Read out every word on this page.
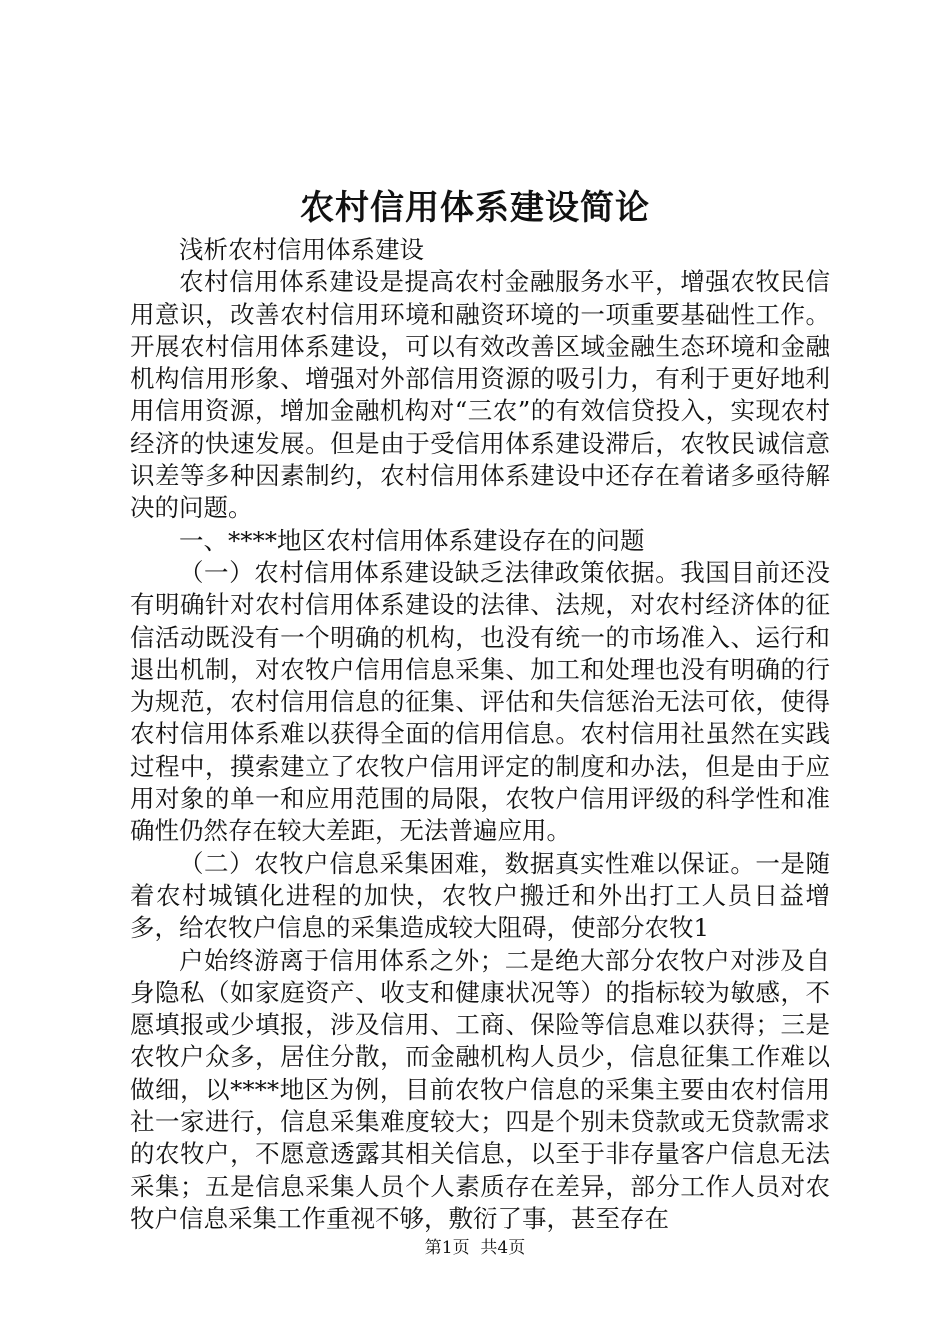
农村信用体系建设简论

浅析农村信用体系建设

农村信用体系建设是提高农村金融服务水平，增强农牧民信用意识，改善农村信用环境和融资环境的一项重要基础性工作。开展农村信用体系建设，可以有效改善区域金融生态环境和金融机构信用形象、增强对外部信用资源的吸引力，有利于更好地利用信用资源，增加金融机构对“三农”的有效信贷投入，实现农村经济的快速发展。但是由于受信用体系建设滞后，农牧民诚信意识差等多种因素制约，农村信用体系建设中还存在着诸多亟待解决的问题。

一、****地区农村信用体系建设存在的问题

（一）农村信用体系建设缺乏法律政策依据。我国目前还没有明确针对农村信用体系建设的法律、法规，对农村经济体的征信活动既没有一个明确的机构，也没有统一的市场准入、运行和退出机制，对农牧户信用信息采集、加工和处理也没有明确的行为规范，农村信用信息的征集、评估和失信惩治无法可依，使得农村信用体系难以获得全面的信用信息。农村信用社虽然在实践过程中，摸索建立了农牧户信用评定的制度和办法，但是由于应用对象的单一和应用范围的局限，农牧户信用评级的科学性和准确性仍然存在较大差距，无法普遍应用。

（二）农牧户信息采集困难，数据真实性难以保证。一是随着农村城镇化进程的加快，农牧户搬迁和外出打工人员日益增多，给农牧户信息的采集造成较大阻碍，使部分农牧1

户始终游离于信用体系之外；二是绝大部分农牧户对涉及自身隐私（如家庭资产、收支和健康状况等）的指标较为敏感，不愿填报或少填报，涉及信用、工商、保险等信息难以获得；三是农牧户众多，居住分散，而金融机构人员少，信息征集工作难以做细，以****地区为例，目前农牧户信息的采集主要由农村信用社一家进行，信息采集难度较大；四是个别未贷款或无贷款需求的农牧户，不愿意透露其相关信息，以至于非存量客户信息无法采集；五是信息采集人员个人素质存在差异，部分工作人员对农牧户信息采集工作重视不够，敷衍了事，甚至存在

第1页  共4页
